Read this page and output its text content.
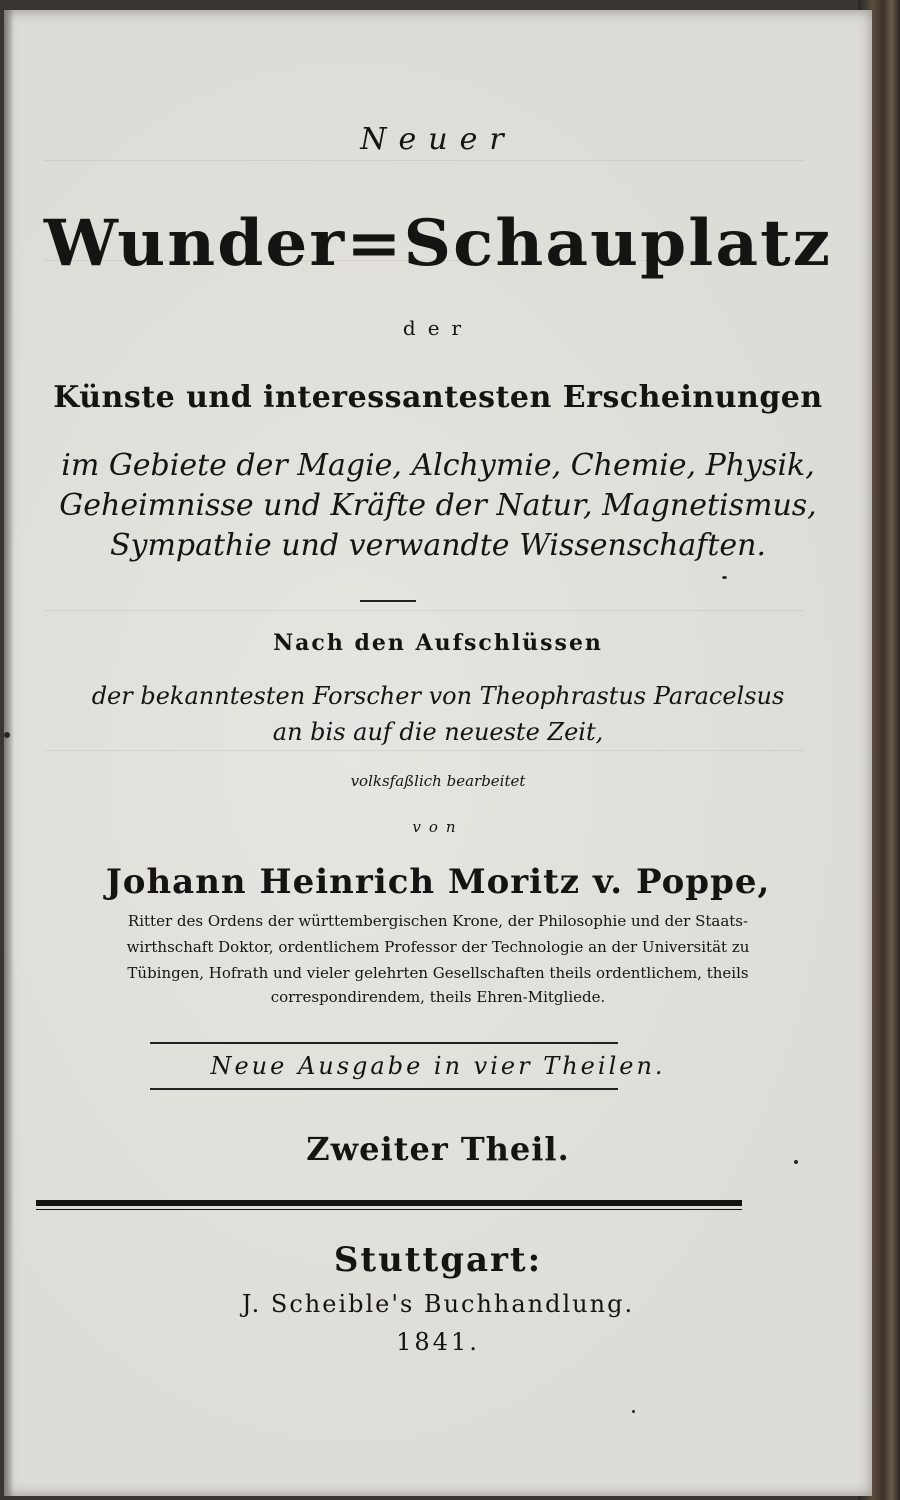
Neuer
Wunder=Schauplatz
der
Künste und interessantesten Erscheinungen
im Gebiete der Magie, Alchymie, Chemie, Physik,
Geheimnisse und Kräfte der Natur, Magnetismus,
Sympathie und verwandte Wissenschaften.
Nach den Aufschlüssen
der bekanntesten Forscher von Theophrastus Paracelsus
an bis auf die neueste Zeit,
volksfaßlich bearbeitet
von
Johann Heinrich Moritz v. Poppe,
Ritter des Ordens der württembergischen Krone, der Philosophie und der Staats-
wirthschaft Doktor, ordentlichem Professor der Technologie an der Universität zu
Tübingen, Hofrath und vieler gelehrten Gesellschaften theils ordentlichem, theils
correspondirendem, theils Ehren-Mitgliede.
Neue Ausgabe in vier Theilen.
Zweiter Theil.
Stuttgart:
J. Scheible's Buchhandlung.
1841.
